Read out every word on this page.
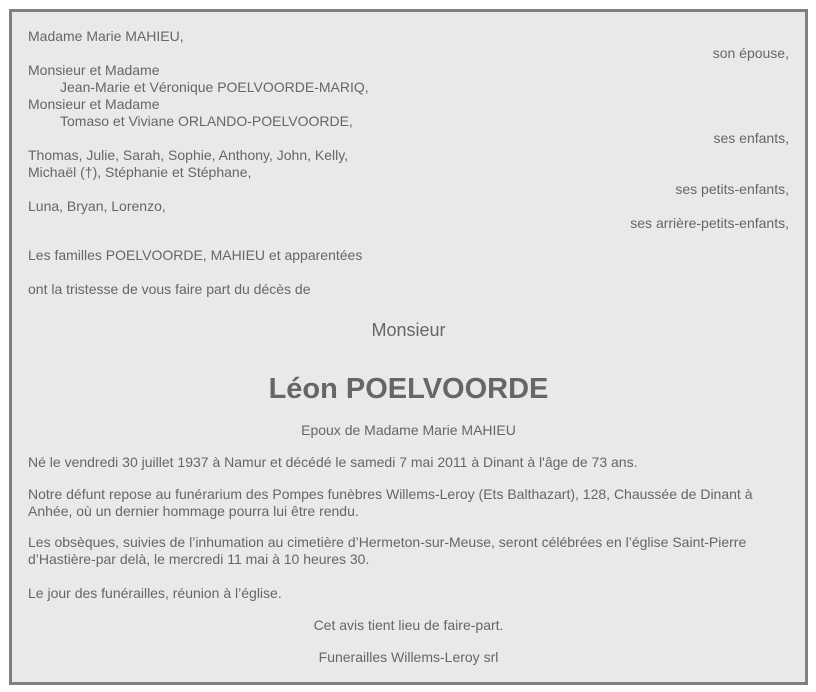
Madame Marie MAHIEU,
son épouse,
Monsieur et Madame
Jean-Marie et Véronique POELVOORDE-MARIQ,
Monsieur et Madame
Tomaso et Viviane ORLANDO-POELVOORDE,
ses enfants,
Thomas, Julie, Sarah, Sophie, Anthony, John, Kelly,
Michaël (†), Stéphanie et Stéphane,
ses petits-enfants,
Luna, Bryan, Lorenzo,
ses arrière-petits-enfants,
Les familles POELVOORDE, MAHIEU et apparentées
ont la tristesse de vous faire part du décès de
Monsieur
Léon POELVOORDE
Epoux de Madame Marie MAHIEU
Né le vendredi 30 juillet 1937 à Namur et décédé le samedi 7 mai 2011 à Dinant à l'âge de 73 ans.
Notre défunt repose au funérarium des Pompes funèbres Willems-Leroy (Ets Balthazart), 128, Chaussée de Dinant à Anhée, où un dernier hommage pourra lui être rendu.
Les obsèques, suivies de l’inhumation au cimetière d’Hermeton-sur-Meuse, seront célébrées en l’église Saint-Pierre d’Hastière-par delà, le mercredi 11 mai à 10 heures 30.
Le jour des funérailles, réunion à l’église.
Cet avis tient lieu de faire-part.
Funerailles Willems-Leroy srl
